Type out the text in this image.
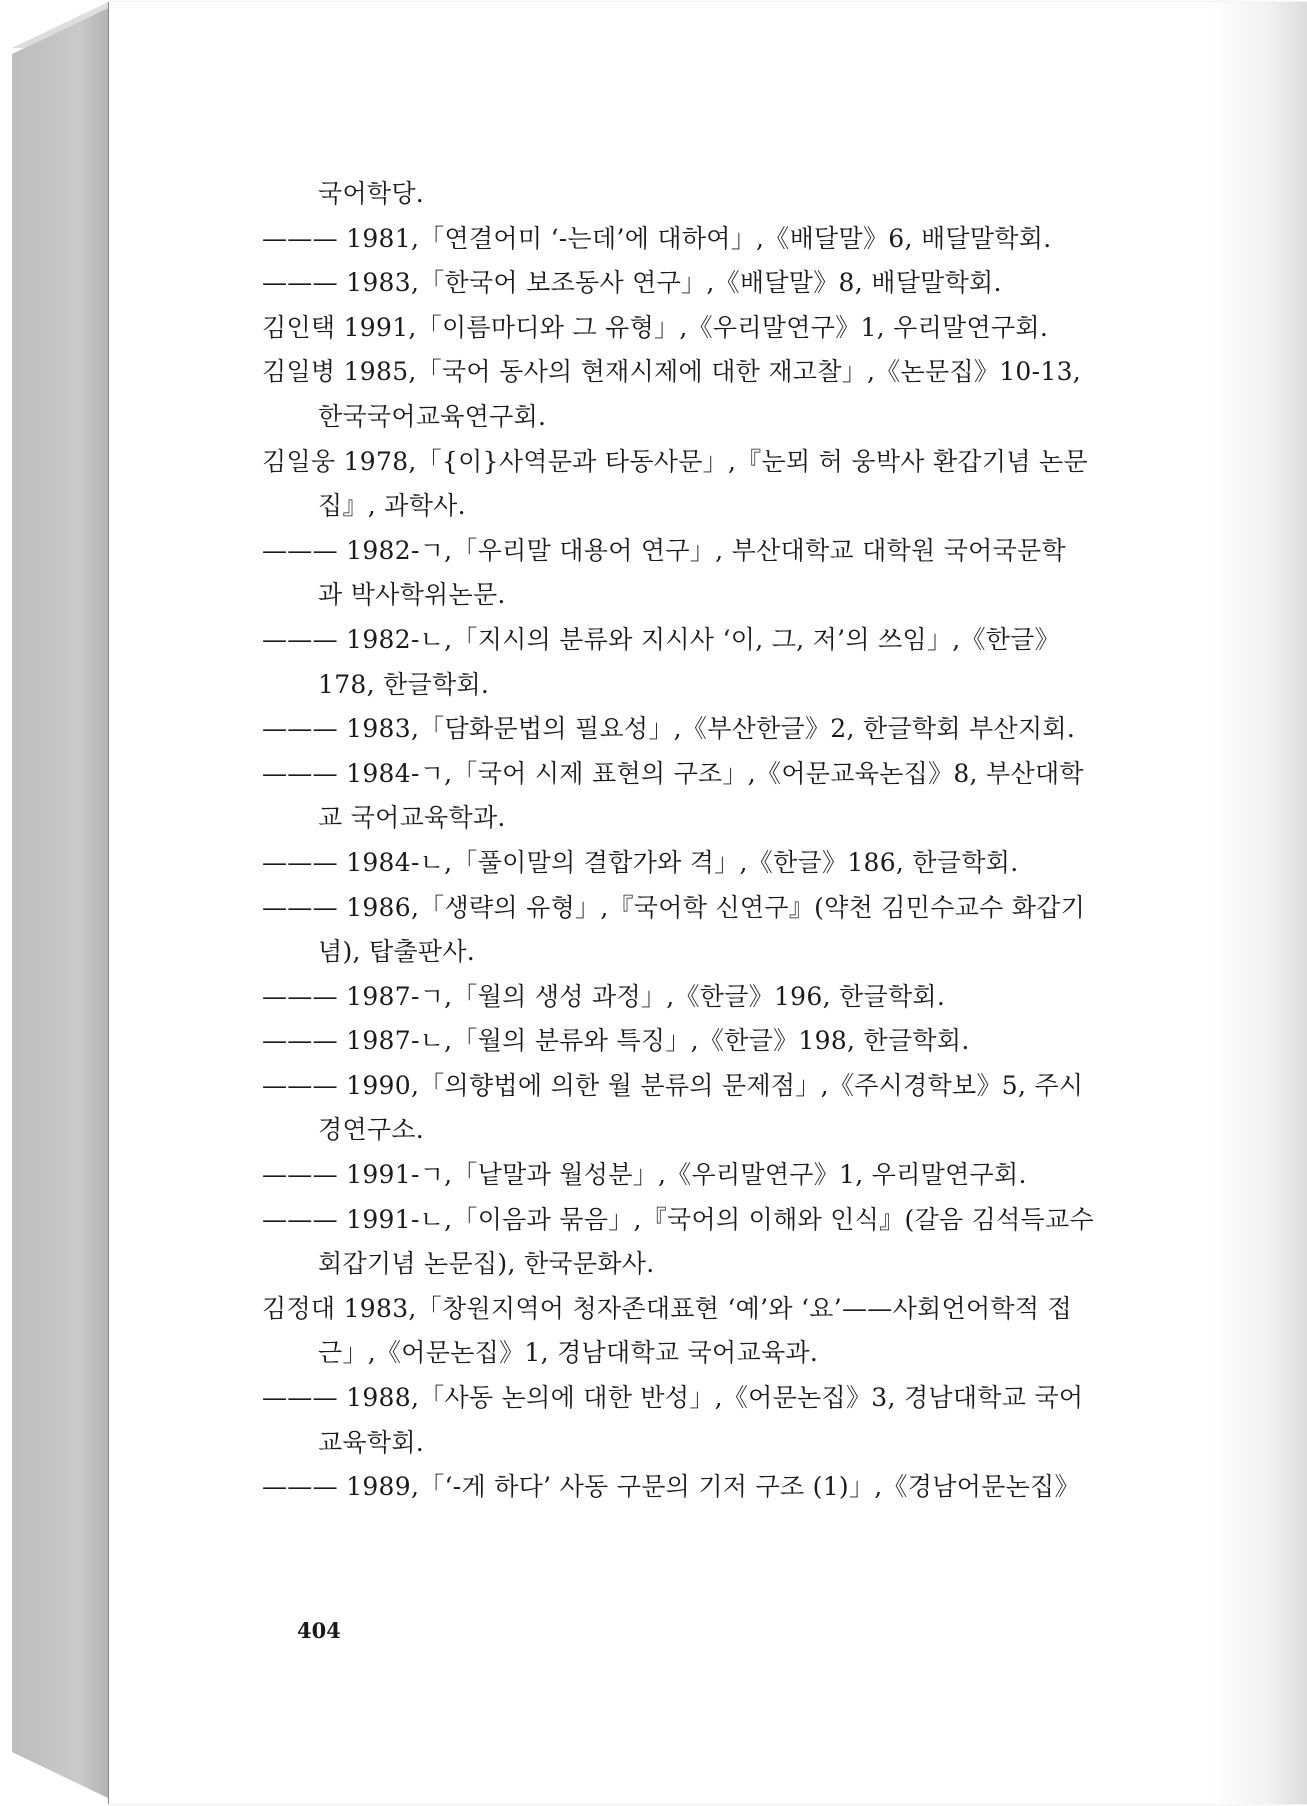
국어학당.
——— 1981,「연결어미 ‘-는데’에 대하여」,《배달말》6, 배달말학회.
——— 1983,「한국어 보조동사 연구」,《배달말》8, 배달말학회.
김인택 1991,「이름마디와 그 유형」,《우리말연구》1, 우리말연구회.
김일병 1985,「국어 동사의 현재시제에 대한 재고찰」,《논문집》10-13,
한국국어교육연구회.
김일웅 1978,「{이}사역문과 타동사문」,『눈뫼 허 웅박사 환갑기념 논문
집』, 과학사.
——— 1982-ㄱ,「우리말 대용어 연구」, 부산대학교 대학원 국어국문학
과 박사학위논문.
——— 1982-ㄴ,「지시의 분류와 지시사 ‘이, 그, 저’의 쓰임」,《한글》
178, 한글학회.
——— 1983,「담화문법의 필요성」,《부산한글》2, 한글학회 부산지회.
——— 1984-ㄱ,「국어 시제 표현의 구조」,《어문교육논집》8, 부산대학
교 국어교육학과.
——— 1984-ㄴ,「풀이말의 결합가와 격」,《한글》186, 한글학회.
——— 1986,「생략의 유형」,『국어학 신연구』(약천 김민수교수 화갑기
념), 탑출판사.
——— 1987-ㄱ,「월의 생성 과정」,《한글》196, 한글학회.
——— 1987-ㄴ,「월의 분류와 특징」,《한글》198, 한글학회.
——— 1990,「의향법에 의한 월 분류의 문제점」,《주시경학보》5, 주시
경연구소.
——— 1991-ㄱ,「낱말과 월성분」,《우리말연구》1, 우리말연구회.
——— 1991-ㄴ,「이음과 묶음」,『국어의 이해와 인식』(갈음 김석득교수
회갑기념 논문집), 한국문화사.
김정대 1983,「창원지역어 청자존대표현 ‘예’와 ‘요’——사회언어학적 접
근」,《어문논집》1, 경남대학교 국어교육과.
——— 1988,「사동 논의에 대한 반성」,《어문논집》3, 경남대학교 국어
교육학회.
——— 1989,「‘-게 하다’ 사동 구문의 기저 구조 (1)」,《경남어문논집》
404
